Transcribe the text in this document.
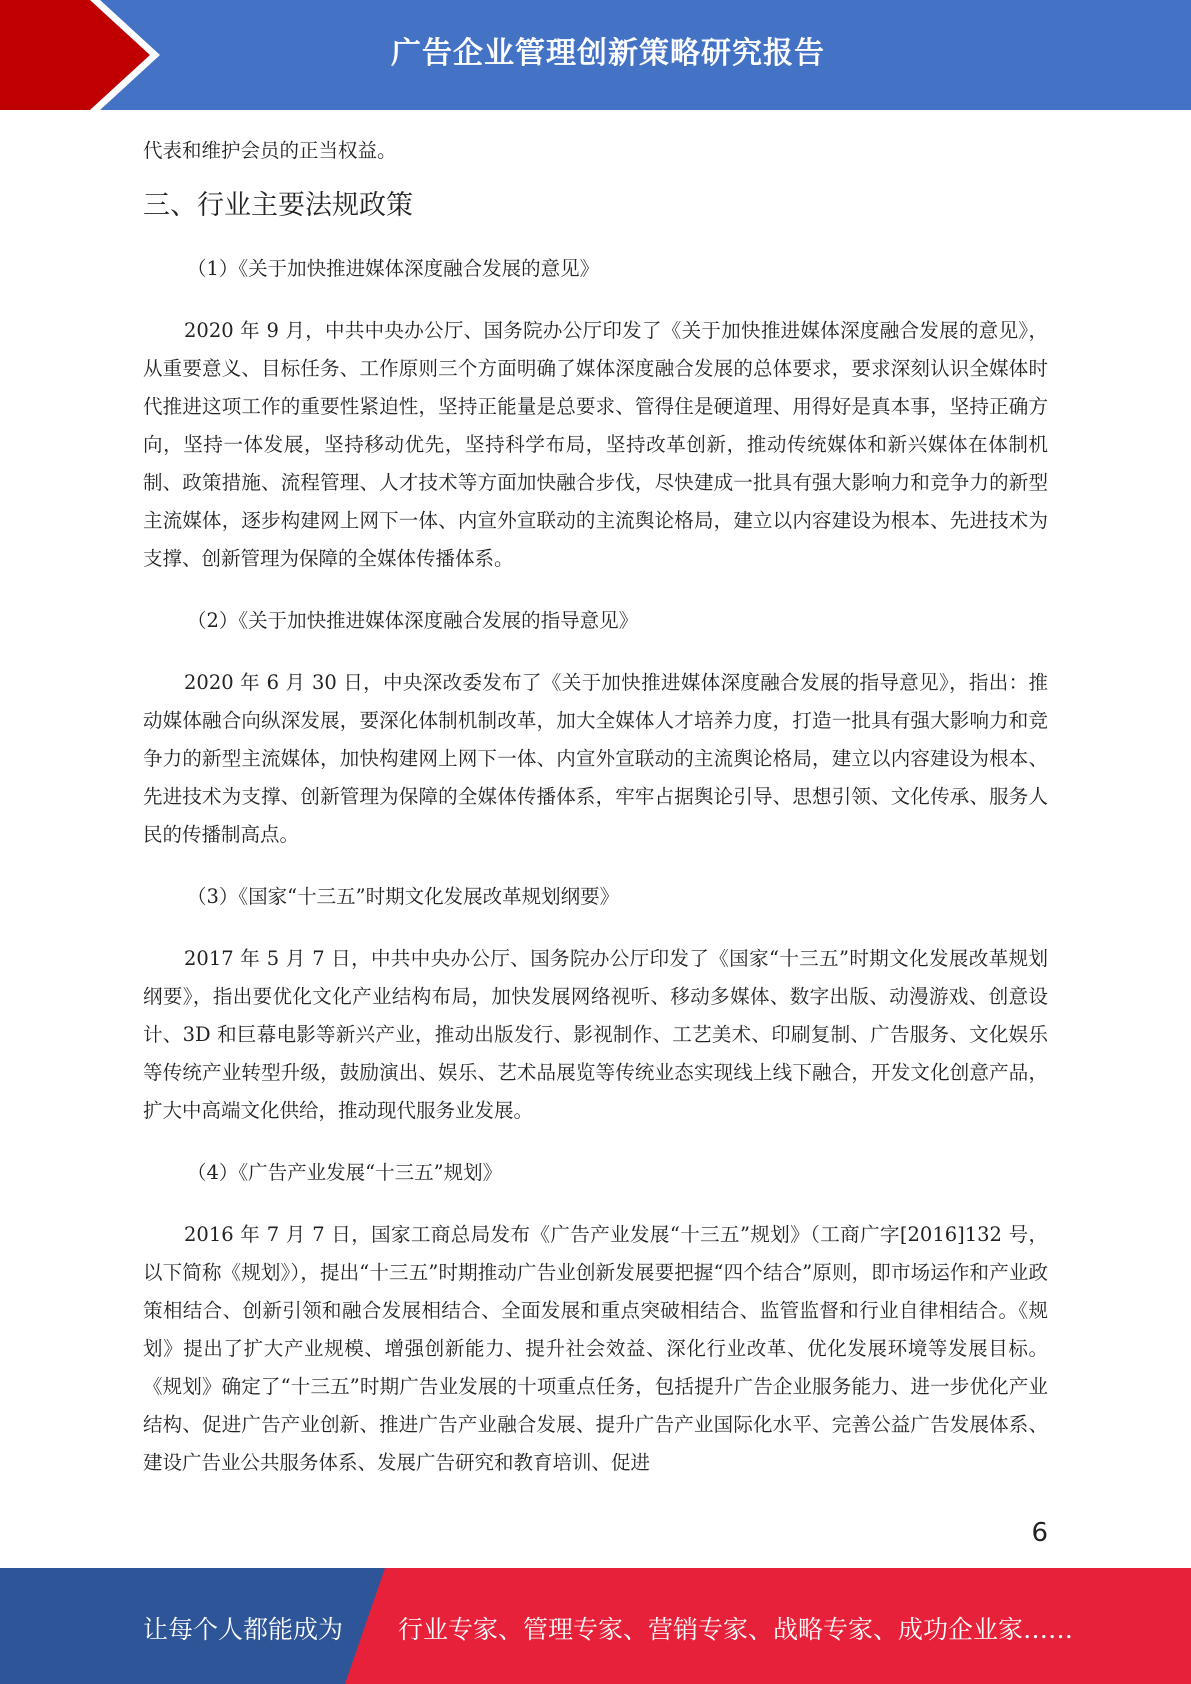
广告企业管理创新策略研究报告

代表和维护会员的正当权益。

三、行业主要法规政策

（1）《关于加快推进媒体深度融合发展的意见》

2020 年 9 月，中共中央办公厅、国务院办公厅印发了《关于加快推进媒体深度融合发展的意见》，从重要意义、目标任务、工作原则三个方面明确了媒体深度融合发展的总体要求，要求深刻认识全媒体时代推进这项工作的重要性紧迫性，坚持正能量是总要求、管得住是硬道理、用得好是真本事，坚持正确方向，坚持一体发展，坚持移动优先，坚持科学布局，坚持改革创新，推动传统媒体和新兴媒体在体制机制、政策措施、流程管理、人才技术等方面加快融合步伐，尽快建成一批具有强大影响力和竞争力的新型主流媒体，逐步构建网上网下一体、内宣外宣联动的主流舆论格局，建立以内容建设为根本、先进技术为支撑、创新管理为保障的全媒体传播体系。

（2）《关于加快推进媒体深度融合发展的指导意见》

2020 年 6 月 30 日，中央深改委发布了《关于加快推进媒体深度融合发展的指导意见》，指出：推动媒体融合向纵深发展，要深化体制机制改革，加大全媒体人才培养力度，打造一批具有强大影响力和竞争力的新型主流媒体，加快构建网上网下一体、内宣外宣联动的主流舆论格局，建立以内容建设为根本、先进技术为支撑、创新管理为保障的全媒体传播体系，牢牢占据舆论引导、思想引领、文化传承、服务人民的传播制高点。

（3）《国家“十三五”时期文化发展改革规划纲要》

2017 年 5 月 7 日，中共中央办公厅、国务院办公厅印发了《国家“十三五”时期文化发展改革规划纲要》，指出要优化文化产业结构布局，加快发展网络视听、移动多媒体、数字出版、动漫游戏、创意设计、3D 和巨幕电影等新兴产业，推动出版发行、影视制作、工艺美术、印刷复制、广告服务、文化娱乐等传统产业转型升级，鼓励演出、娱乐、艺术品展览等传统业态实现线上线下融合，开发文化创意产品，扩大中高端文化供给，推动现代服务业发展。

（4）《广告产业发展“十三五”规划》

2016 年 7 月 7 日，国家工商总局发布《广告产业发展“十三五”规划》（工商广字[2016]132 号，以下简称《规划》），提出“十三五”时期推动广告业创新发展要把握“四个结合”原则，即市场运作和产业政策相结合、创新引领和融合发展相结合、全面发展和重点突破相结合、监管监督和行业自律相结合。《规划》提出了扩大产业规模、增强创新能力、提升社会效益、深化行业改革、优化发展环境等发展目标。《规划》确定了“十三五”时期广告业发展的十项重点任务，包括提升广告企业服务能力、进一步优化产业结构、促进广告产业创新、推进广告产业融合发展、提升广告产业国际化水平、完善公益广告发展体系、建设广告业公共服务体系、发展广告研究和教育培训、促进

6
让每个人都能成为 行业专家、管理专家、营销专家、战略专家、成功企业家……
